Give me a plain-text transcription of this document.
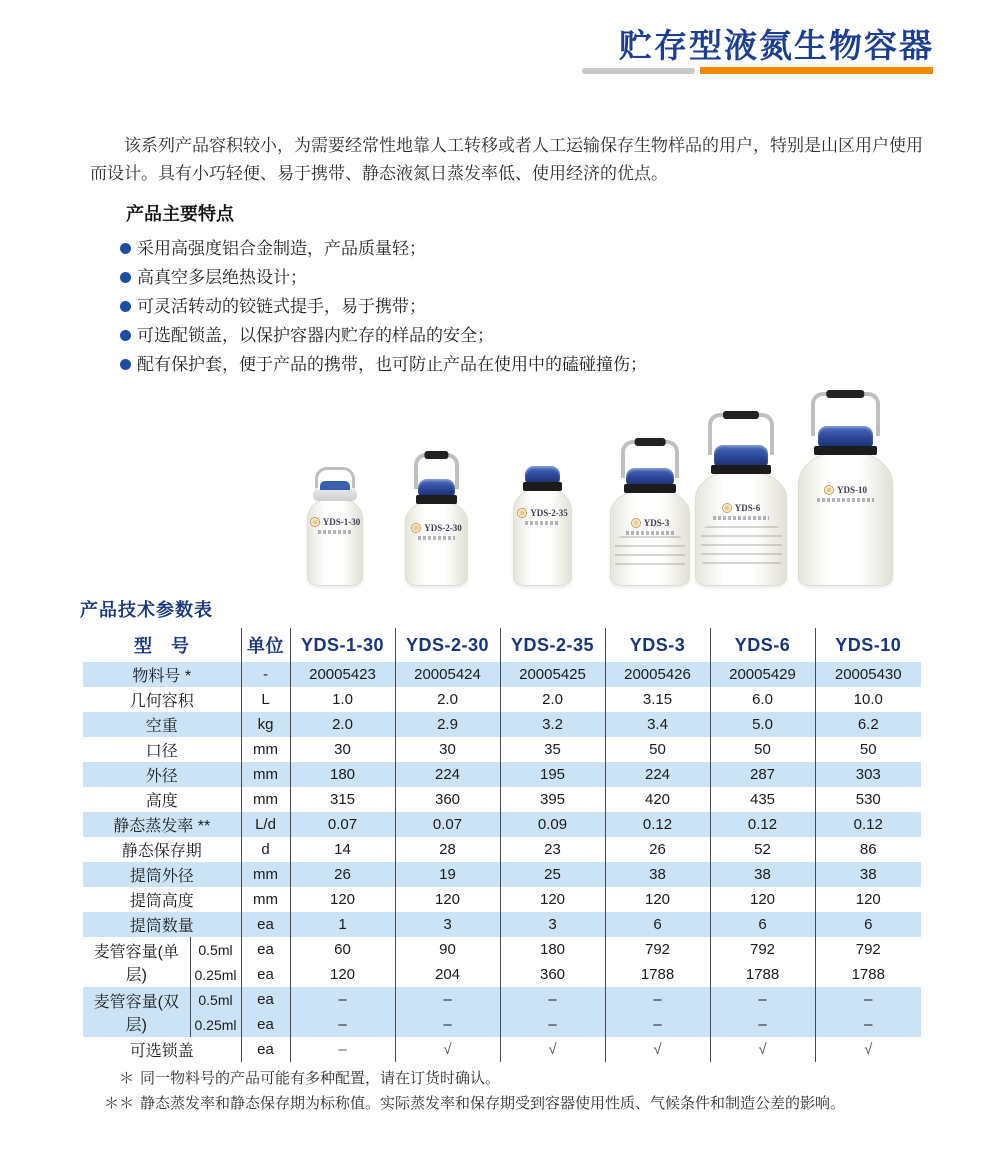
贮存型液氮生物容器

该系列产品容积较小，为需要经常性地靠人工转移或者人工运输保存生物样品的用户，特别是山区用户使用而设计。具有小巧轻便、易于携带、静态液氮日蒸发率低、使用经济的优点。

产品主要特点
采用高强度铝合金制造，产品质量轻；
高真空多层绝热设计；
可灵活转动的铰链式提手，易于携带；
可选配锁盖，以保护容器内贮存的样品的安全；
配有保护套，便于产品的携带，也可防止产品在使用中的磕碰撞伤；
YDS-1-30
YDS-2-30
YDS-2-35
YDS-3
YDS-6
YDS-10
产品技术参数表
型　号		单位	YDS-1-30	YDS-2-30	YDS-2-35	YDS-3	YDS-6	YDS-10
物料号 *		-	20005423	20005424	20005425	20005426	20005429	20005430
几何容积		L	1.0	2.0	2.0	3.15	6.0	10.0
空重		kg	2.0	2.9	3.2	3.4	5.0	6.2
口径		mm	30	30	35	50	50	50
外径		mm	180	224	195	224	287	303
高度		mm	315	360	395	420	435	530
静态蒸发率 **		L/d	0.07	0.07	0.09	0.12	0.12	0.12
静态保存期		d	14	28	23	26	52	86
提筒外径		mm	26	19	25	38	38	38
提筒高度		mm	120	120	120	120	120	120
提筒数量		ea	1	3	3	6	6	6
麦管容量(单层)	0.5ml	ea	60	90	180	792	792	792
	0.25ml	ea	120	204	360	1788	1788	1788
麦管容量(双层)	0.5ml	ea	–	–	–	–	–	–
	0.25ml	ea	–	–	–	–	–	–
可选锁盖		ea	–	√	√	√	√	√
＊ 同一物料号的产品可能有多种配置，请在订货时确认。
＊＊ 静态蒸发率和静态保存期为标称值。实际蒸发率和保存期受到容器使用性质、气候条件和制造公差的影响。
